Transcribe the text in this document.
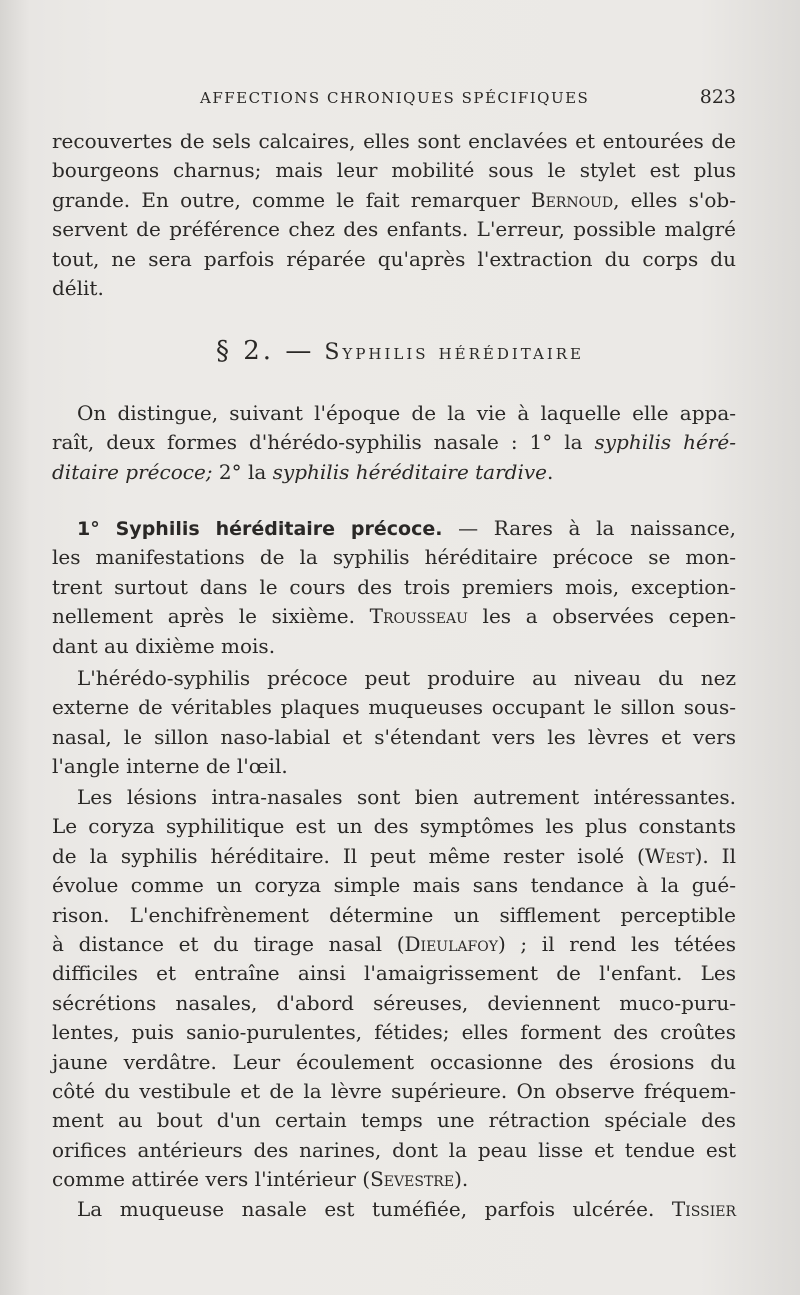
AFFECTIONS CHRONIQUES SPÉCIFIQUES	823
recouvertes de sels calcaires, elles sont enclavées et entourées de
bourgeons charnus; mais leur mobilité sous le stylet est plus
grande. En outre, comme le fait remarquer Bernoud, elles s'ob-
servent de préférence chez des enfants. L'erreur, possible malgré
tout, ne sera parfois réparée qu'après l'extraction du corps du
délit.
§ 2. — Syphilis héréditaire
On distingue, suivant l'époque de la vie à laquelle elle appa-
raît, deux formes d'hérédo-syphilis nasale : 1° la syphilis héré-
ditaire précoce; 2° la syphilis héréditaire tardive.
1° Syphilis héréditaire précoce. — Rares à la naissance,
les manifestations de la syphilis héréditaire précoce se mon-
trent surtout dans le cours des trois premiers mois, exception-
nellement après le sixième. Trousseau les a observées cepen-
dant au dixième mois.
L'hérédo-syphilis précoce peut produire au niveau du nez
externe de véritables plaques muqueuses occupant le sillon sous-
nasal, le sillon naso-labial et s'étendant vers les lèvres et vers
l'angle interne de l'œil.
Les lésions intra-nasales sont bien autrement intéressantes.
Le coryza syphilitique est un des symptômes les plus constants
de la syphilis héréditaire. Il peut même rester isolé (West). Il
évolue comme un coryza simple mais sans tendance à la gué-
rison. L'enchifrènement détermine un sifflement perceptible
à distance et du tirage nasal (Dieulafoy) ; il rend les tétées
difficiles et entraîne ainsi l'amaigrissement de l'enfant. Les
sécrétions nasales, d'abord séreuses, deviennent muco-puru-
lentes, puis sanio-purulentes, fétides; elles forment des croûtes
jaune verdâtre. Leur écoulement occasionne des érosions du
côté du vestibule et de la lèvre supérieure. On observe fréquem-
ment au bout d'un certain temps une rétraction spéciale des
orifices antérieurs des narines, dont la peau lisse et tendue est
comme attirée vers l'intérieur (Sevestre).
La muqueuse nasale est tuméfiée, parfois ulcérée. Tissier
